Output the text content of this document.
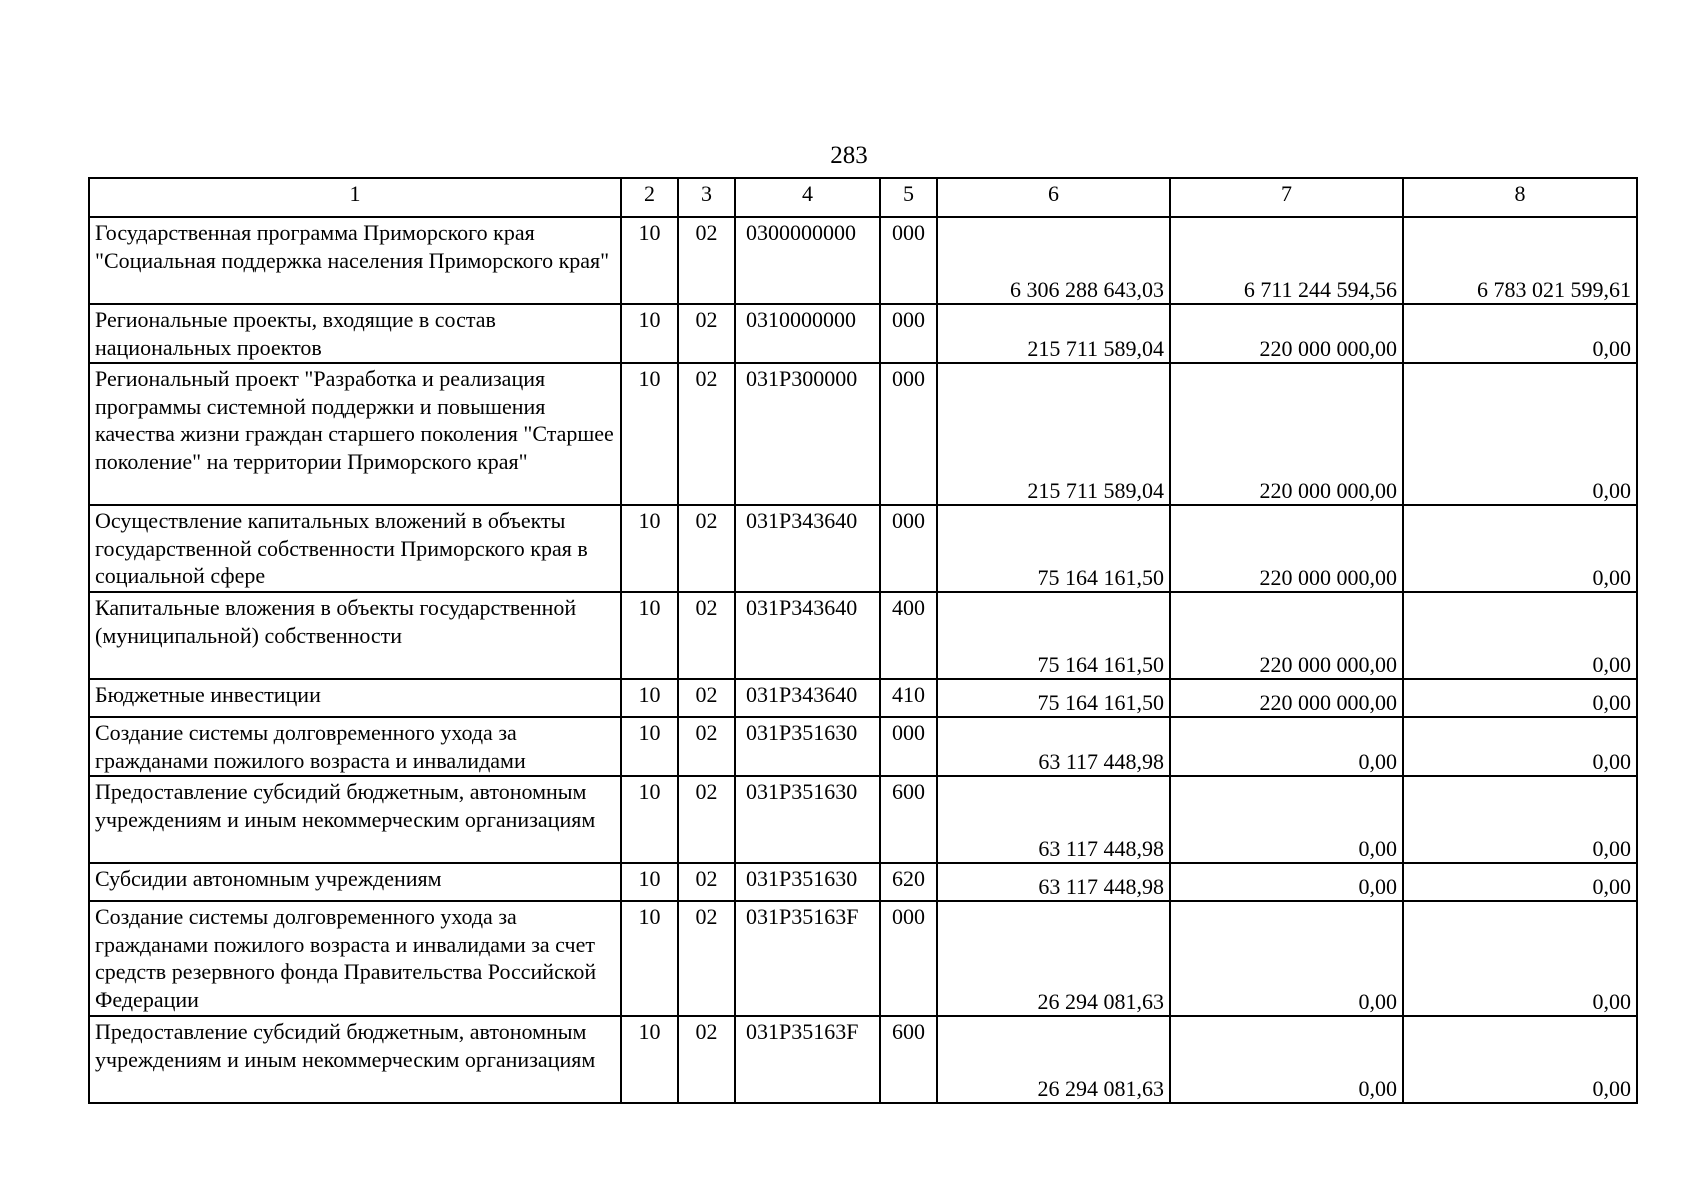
283
1	2	3	4	5	6	7	8
Государственная программа Приморского края "Социальная поддержка населения Приморского края"	10	02	0300000000	000	6 306 288 643,03	6 711 244 594,56	6 783 021 599,61
Региональные проекты, входящие в состав национальных проектов	10	02	0310000000	000	215 711 589,04	220 000 000,00	0,00
Региональный проект "Разработка и реализация программы системной поддержки и повышения качества жизни граждан старшего поколения "Старшее поколение" на территории Приморского края"	10	02	031P300000	000	215 711 589,04	220 000 000,00	0,00
Осуществление капитальных вложений в объекты государственной собственности Приморского края в социальной сфере	10	02	031P343640	000	75 164 161,50	220 000 000,00	0,00
Капитальные вложения в объекты государственной (муниципальной) собственности	10	02	031P343640	400	75 164 161,50	220 000 000,00	0,00
Бюджетные инвестиции	10	02	031P343640	410	75 164 161,50	220 000 000,00	0,00
Создание системы долговременного ухода за гражданами пожилого возраста и инвалидами	10	02	031P351630	000	63 117 448,98	0,00	0,00
Предоставление субсидий бюджетным, автономным учреждениям и иным некоммерческим организациям	10	02	031P351630	600	63 117 448,98	0,00	0,00
Субсидии автономным учреждениям	10	02	031P351630	620	63 117 448,98	0,00	0,00
Создание системы долговременного ухода за гражданами пожилого возраста и инвалидами за счет средств резервного фонда Правительства Российской Федерации	10	02	031P35163F	000	26 294 081,63	0,00	0,00
Предоставление субсидий бюджетным, автономным учреждениям и иным некоммерческим организациям	10	02	031P35163F	600	26 294 081,63	0,00	0,00
